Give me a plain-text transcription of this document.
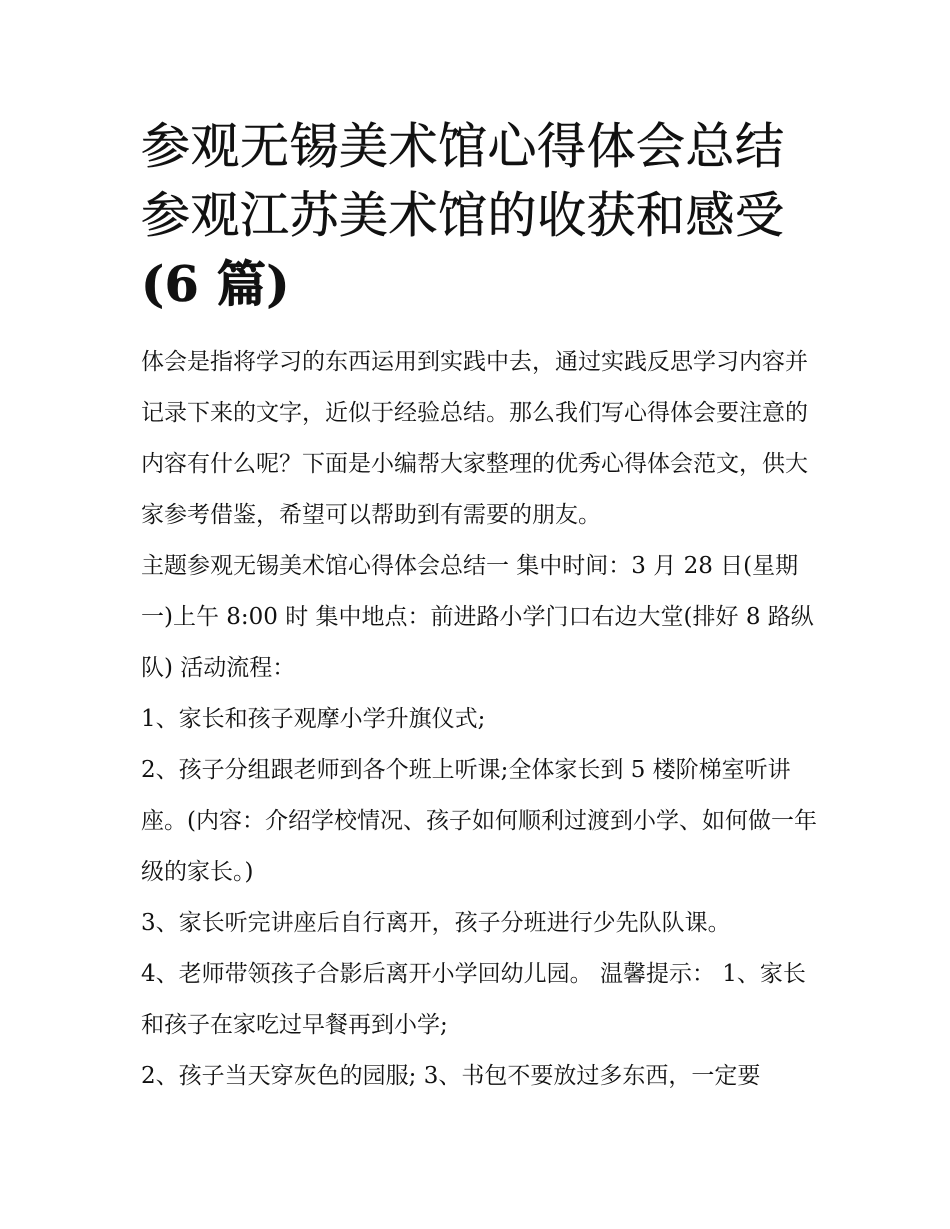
参观无锡美术馆心得体会总结
参观江苏美术馆的收获和感受
(6 篇)

体会是指将学习的东西运用到实践中去，通过实践反思学习内容并记录下来的文字，近似于经验总结。那么我们写心得体会要注意的内容有什么呢？下面是小编帮大家整理的优秀心得体会范文，供大家参考借鉴，希望可以帮助到有需要的朋友。

主题参观无锡美术馆心得体会总结一 集中时间：3 月 28 日(星期一)上午 8:00 时 集中地点：前进路小学门口右边大堂(排好 8 路纵队) 活动流程：

1、家长和孩子观摩小学升旗仪式;

2、孩子分组跟老师到各个班上听课;全体家长到 5 楼阶梯室听讲座。(内容：介绍学校情况、孩子如何顺利过渡到小学、如何做一年级的家长。)

3、家长听完讲座后自行离开，孩子分班进行少先队队课。

4、老师带领孩子合影后离开小学回幼儿园。 温馨提示： 1、家长和孩子在家吃过早餐再到小学;

2、孩子当天穿灰色的园服; 3、书包不要放过多东西，一定要
